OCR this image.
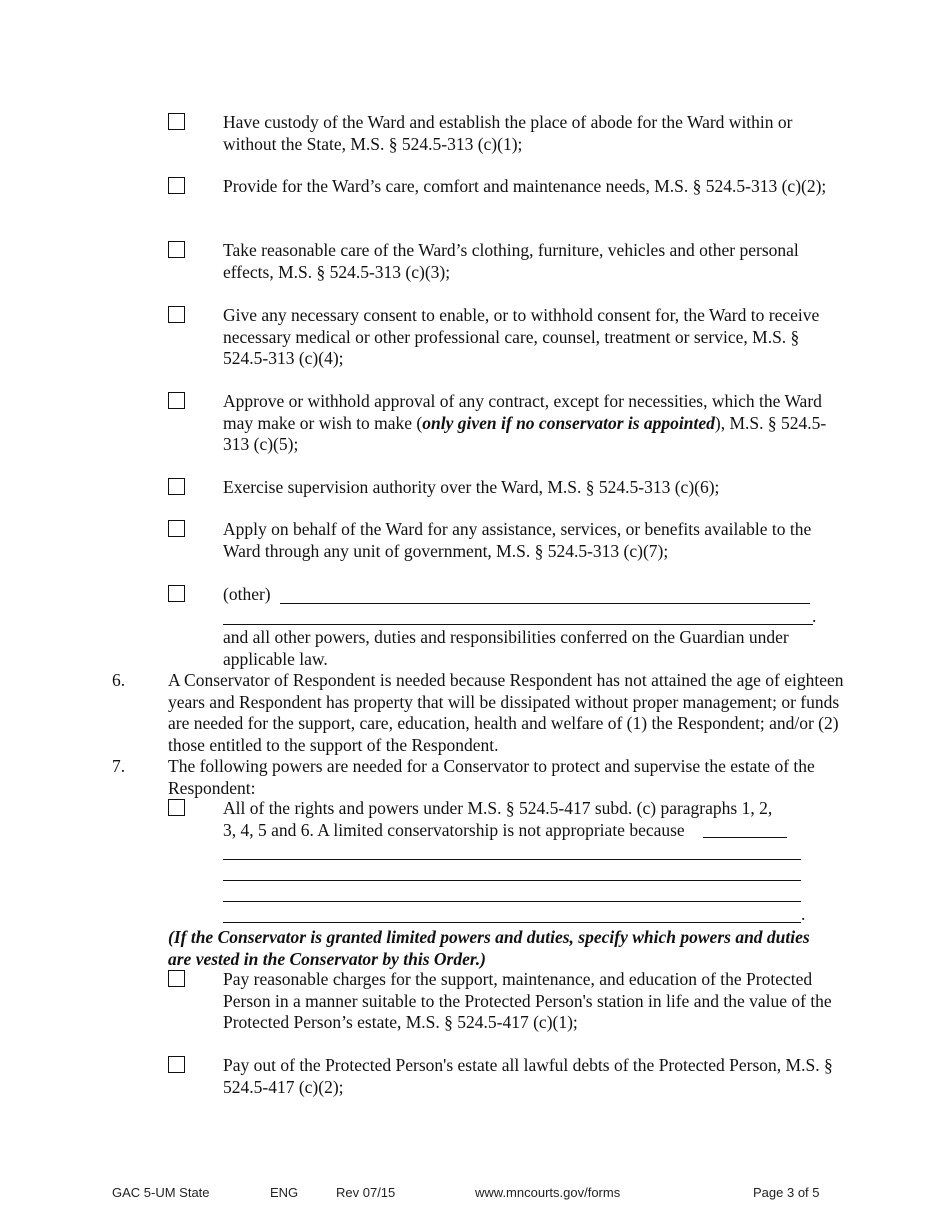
Have custody of the Ward and establish the place of abode for the Ward within or without the State, M.S. § 524.5-313 (c)(1);
Provide for the Ward’s care, comfort and maintenance needs, M.S. § 524.5-313 (c)(2);
Take reasonable care of the Ward’s clothing, furniture, vehicles and other personal effects, M.S. § 524.5-313 (c)(3);
Give any necessary consent to enable, or to withhold consent for, the Ward to receive necessary medical or other professional care, counsel, treatment or service, M.S. § 524.5-313 (c)(4);
Approve or withhold approval of any contract, except for necessities, which the Ward may make or wish to make (only given if no conservator is appointed), M.S. § 524.5-313 (c)(5);
Exercise supervision authority over the Ward, M.S. § 524.5-313 (c)(6);
Apply on behalf of the Ward for any assistance, services, or benefits available to the Ward through any unit of government, M.S. § 524.5-313 (c)(7);
(other)
.
and all other powers, duties and responsibilities conferred on the Guardian under applicable law.
6. A Conservator of Respondent is needed because Respondent has not attained the age of eighteen years and Respondent has property that will be dissipated without proper management; or funds are needed for the support, care, education, health and welfare of (1) the Respondent; and/or (2) those entitled to the support of the Respondent.
7. The following powers are needed for a Conservator to protect and supervise the estate of the Respondent:
All of the rights and powers under M.S. § 524.5-417 subd. (c) paragraphs 1, 2, 3, 4, 5 and 6. A limited conservatorship is not appropriate because
.
(If the Conservator is granted limited powers and duties, specify which powers and duties are vested in the Conservator by this Order.)
Pay reasonable charges for the support, maintenance, and education of the Protected Person in a manner suitable to the Protected Person's station in life and the value of the Protected Person’s estate, M.S. § 524.5-417 (c)(1);
Pay out of the Protected Person's estate all lawful debts of the Protected Person, M.S. § 524.5-417 (c)(2);
GAC 5-UM State	ENG	Rev 07/15	www.mncourts.gov/forms	Page 3 of 5
